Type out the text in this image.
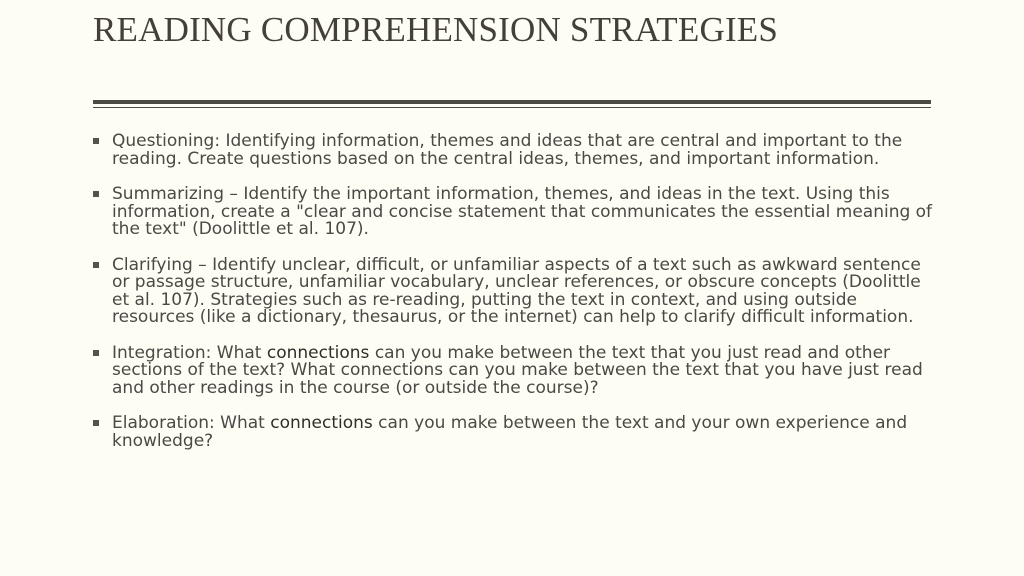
READING COMPREHENSION STRATEGIES
Questioning: Identifying information, themes and ideas that are central and important to the reading. Create questions based on the central ideas, themes, and important information.
Summarizing – Identify the important information, themes, and ideas in the text. Using this information, create a "clear and concise statement that communicates the essential meaning of the text" (Doolittle et al. 107).
Clarifying – Identify unclear, difficult, or unfamiliar aspects of a text such as awkward sentence or passage structure, unfamiliar vocabulary, unclear references, or obscure concepts (Doolittle et al. 107). Strategies such as re-reading, putting the text in context, and using outside resources (like a dictionary, thesaurus, or the internet) can help to clarify difficult information.
Integration: What connections can you make between the text that you just read and other sections of the text? What connections can you make between the text that you have just read and other readings in the course (or outside the course)?
Elaboration: What connections can you make between the text and your own experience and knowledge?
